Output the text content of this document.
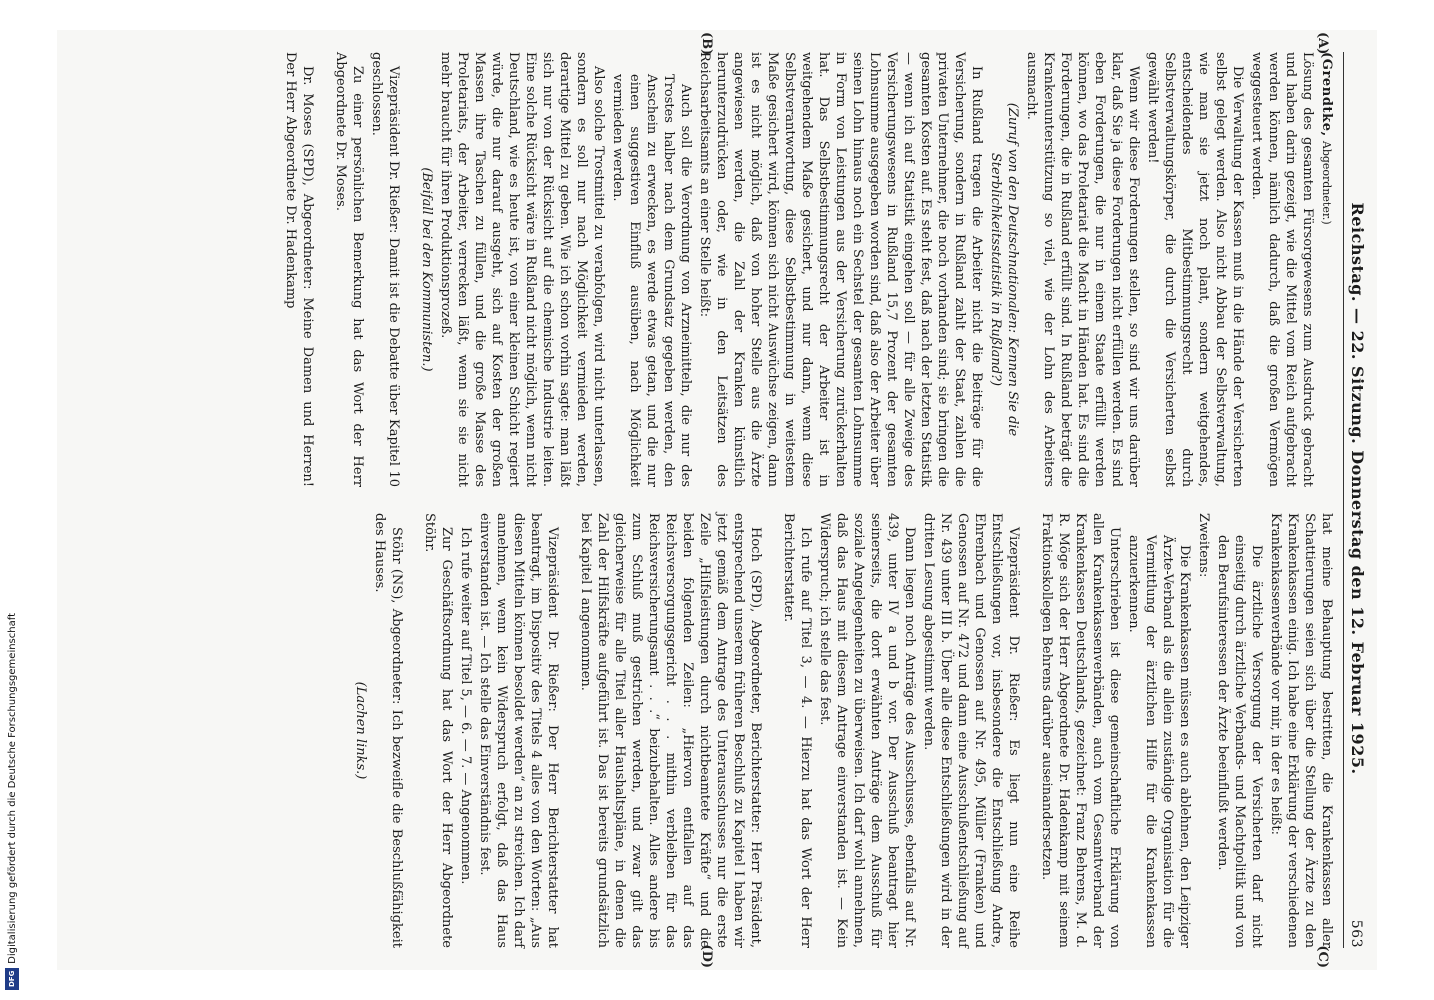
Reichstag. — 22. Sitzung. Donnerstag den 12. Februar 1925.
563
(A)
(B)

(Grendtke, Abgeordneter.)

Lösung des gesamten Fürsorgewesens zum Ausdruck gebracht und haben darin gezeigt, wie die Mittel vom Reich aufgebracht werden können, nämlich dadurch, daß die großen Vermögen weggesteuert werden.

Die Verwaltung der Kassen muß in die Hände der Versicherten selbst gelegt werden. Also nicht Abbau der Selbstverwaltung, wie man sie jetzt noch plant, sondern weitgehendes, entscheidendes Mitbestimmungsrecht durch Selbstverwaltungskörper, die durch die Versicherten selbst gewählt werden!

Wenn wir diese Forderungen stellen, so sind wir uns darüber klar, daß Sie ja diese Forderungen nicht erfüllen werden. Es sind eben Forderungen, die nur in einem Staate erfüllt werden können, wo das Proletariat die Macht in Händen hat. Es sind die Forderungen, die in Rußland erfüllt sind. In Rußland beträgt die Krankenunterstützung so viel, wie der Lohn des Arbeiters ausmacht.

(Zuruf von den Deutschnationalen: Kennen Sie die Sterblichkeitsstatistik in Rußland?)

In Rußland tragen die Arbeiter nicht die Beiträge für die Versicherung, sondern in Rußland zahlt der Staat, zahlen die privaten Unternehmer, die noch vorhanden sind; sie bringen die gesamten Kosten auf. Es steht fest, daß nach der letzten Statistik — wenn ich auf Statistik eingehen soll — für alle Zweige des Versicherungswesens in Rußland 15,7 Prozent der gesamten Lohnsumme ausgegeben worden sind, daß also der Arbeiter über seinen Lohn hinaus noch ein Sechstel der gesamten Lohnsumme in Form von Leistungen aus der Versicherung zurückerhalten hat. Das Selbstbestimmungsrecht der Arbeiter ist in weitgehendem Maße gesichert, und nur dann, wenn diese Selbstverantwortung, diese Selbstbestimmung in weitestem Maße gesichert wird, können sich nicht Auswüchse zeigen, dann ist es nicht möglich, daß von hoher Stelle aus die Ärzte angewiesen werden, die Zahl der Kranken künstlich herunterzudrücken oder, wie in den Leitsätzen des Reichsarbeitsamts an einer Stelle heißt:

Auch soll die Verordnung von Arzneimitteln, die nur des Trostes halber nach dem Grundsatz gegeben werden, den Anschein zu erwecken, es werde etwas getan, und die nur einen suggestiven Einfluß ausüben, nach Möglichkeit vermieden werden.

Also solche Trostmittel zu verabfolgen, wird nicht unterlassen, sondern es soll nur nach Möglichkeit vermieden werden, derartige Mittel zu geben. Wie ich schon vorhin sagte: man läßt sich nur von der Rücksicht auf die chemische Industrie leiten. Eine solche Rücksicht wäre in Rußland nicht möglich, wenn nicht Deutschland, wie es heute ist, von einer kleinen Schicht regiert würde, die nur darauf ausgeht, sich auf Kosten der großen Massen ihre Taschen zu füllen, und die große Masse des Proletariats, der Arbeiter, verrecken läßt, wenn sie sie nicht mehr braucht für ihren Produktionsprozeß.

(Beifall bei den Kommunisten.)

Vizepräsident Dr. Rießer: Damit ist die Debatte über Kapitel 10 geschlossen.

Zu einer persönlichen Bemerkung hat das Wort der Herr Abgeordnete Dr. Moses.

Dr. Moses (SPD), Abgeordneter: Meine Damen und Herren! Der Herr Abgeordnete Dr. Hadenkamp

(C)
(D)

hat meine Behauptung bestritten, die Krankenkassen aller Schattierungen seien sich über die Stellung der Ärzte zu den Krankenkassen einig. Ich habe eine Erklärung der verschiedenen Krankenkassenverbände vor mir, in der es heißt:

Die ärztliche Versorgung der Versicherten darf nicht einseitig durch ärztliche Verbands- und Machtpolitik und von den Berufsinteressen der Ärzte beeinflußt werden.

Zweitens:

Die Krankenkassen müssen es auch ablehnen, den Leipziger Ärzte-Verband als die allein zuständige Organisation für die Vermittlung der ärztlichen Hilfe für die Krankenkassen anzuerkennen.

Unterschrieben ist diese gemeinschaftliche Erklärung von allen Krankenkassenverbänden, auch vom Gesamtverband der Krankenkassen Deutschlands, gezeichnet: Franz Behrens, M. d. R. Möge sich der Herr Abgeordnete Dr. Hadenkamp mit seinem Fraktionskollegen Behrens darüber auseinandersetzen.

Vizepräsident Dr. Rießer: Es liegt nun eine Reihe Entschließungen vor, insbesondere die Entschließung Andre, Ehrenbach und Genossen auf Nr. 495, Müller (Franken) und Genossen auf Nr. 472 und dann eine Ausschußentschließung auf Nr. 439 unter III b. Über alle diese Entschließungen wird in der dritten Lesung abgestimmt werden.

Dann liegen noch Anträge des Ausschusses, ebenfalls auf Nr. 439, unter IV a und b vor. Der Ausschuß beantragt hier seinerseits, die dort erwähnten Anträge dem Ausschuß für soziale Angelegenheiten zu überweisen. Ich darf wohl annehmen, daß das Haus mit diesem Antrage einverstanden ist. — Kein Widerspruch; ich stelle das fest.

Ich rufe auf Titel 3, — 4. — Hierzu hat das Wort der Herr Berichterstatter.

Hoch (SPD), Abgeordneter, Berichterstatter: Herr Präsident, entsprechend unserem früheren Beschluß zu Kapitel I haben wir jetzt gemäß dem Antrage des Unterausschusses nur die erste Zeile „Hilfsleistungen durch nichtbeamtete Kräfte“ und die beiden folgenden Zeilen: „Hiervon entfallen auf das Reichsversorgungsgericht . . . mithin verbleiben für das Reichsversicherungsamt . . .“ beizubehalten. Alles andere bis zum Schluß muß gestrichen werden, und zwar gilt das gleicherweise für alle Titel aller Haushaltspläne, in denen die Zahl der Hilfskräfte aufgeführt ist. Das ist bereits grundsätzlich bei Kapitel I angenommen.

Vizepräsident Dr. Rießer: Der Herr Berichterstatter hat beantragt, im Dispositiv des Titels 4 alles von den Worten: „Aus diesen Mitteln können besoldet werden“ an zu streichen. Ich darf annehmen, wenn kein Widerspruch erfolgt, daß das Haus einverstanden ist. — Ich stelle das Einverständnis fest.

Ich rufe weiter auf Titel 5, — 6. — 7. — Angenommen.

Zur Geschäftsordnung hat das Wort der Herr Abgeordnete Stöhr.

Stöhr (NS), Abgeordneter: Ich bezweifle die Beschlußfähigkeit des Hauses.

(Lachen links.)

Digitalisierung gefördert durch die Deutsche Forschungsgemeinschaft
DFG
